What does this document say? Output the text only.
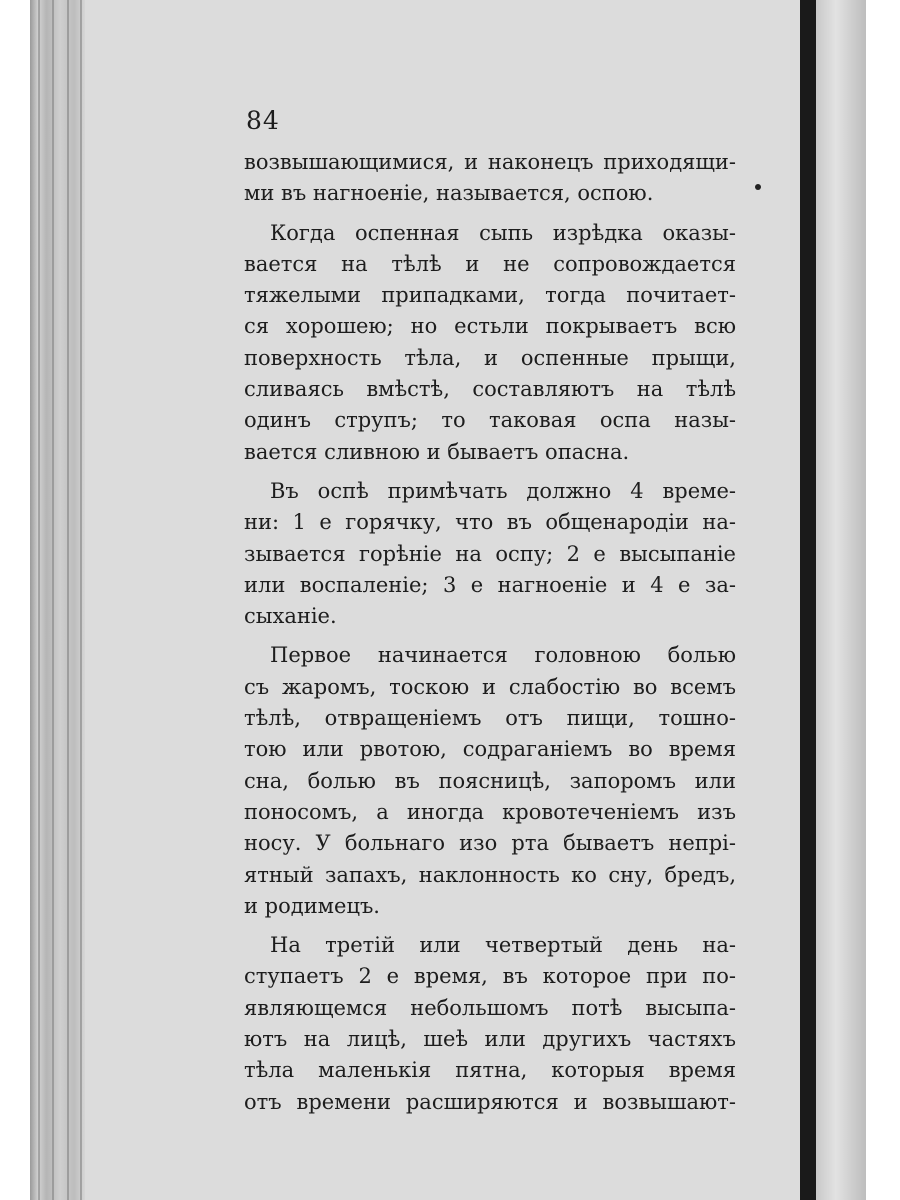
84
возвышающимися, и наконецъ приходящи-
ми въ нагноеніе, называется, оспою.
Когда оспенная сыпь изрѣдка оказы-
вается на тѣлѣ и не сопровождается
тяжелыми припадками, тогда почитает-
ся хорошею; но естьли покрываетъ всю
поверхность тѣла, и оспенные прыщи,
сливаясь вмѣстѣ, составляютъ на тѣлѣ
одинъ струпъ; то таковая оспа назы-
вается сливною и бываетъ опасна.
Въ оспѣ примѣчать должно 4 време-
ни: 1 е горячку, что въ общенародіи на-
зывается горѣніе на оспу; 2 е высыпаніе
или воспаленіе; 3 е нагноеніе и 4 е за-
сыханіе.
Первое начинается головною болью
съ жаромъ, тоскою и слабостію во всемъ
тѣлѣ, отвращеніемъ отъ пищи, тошно-
тою или рвотою, содраганіемъ во время
сна, болью въ поясницѣ, запоромъ или
поносомъ, а иногда кровотеченіемъ изъ
носу. У больнаго изо рта бываетъ непрі-
ятный запахъ, наклонность ко сну, бредъ,
и родимецъ.
На третій или четвертый день на-
ступаетъ 2 е время, въ которое при по-
являющемся небольшомъ потѣ высыпа-
ютъ на лицѣ, шеѣ или другихъ частяхъ
тѣла маленькія пятна, которыя время
отъ времени расширяются и возвышают-
